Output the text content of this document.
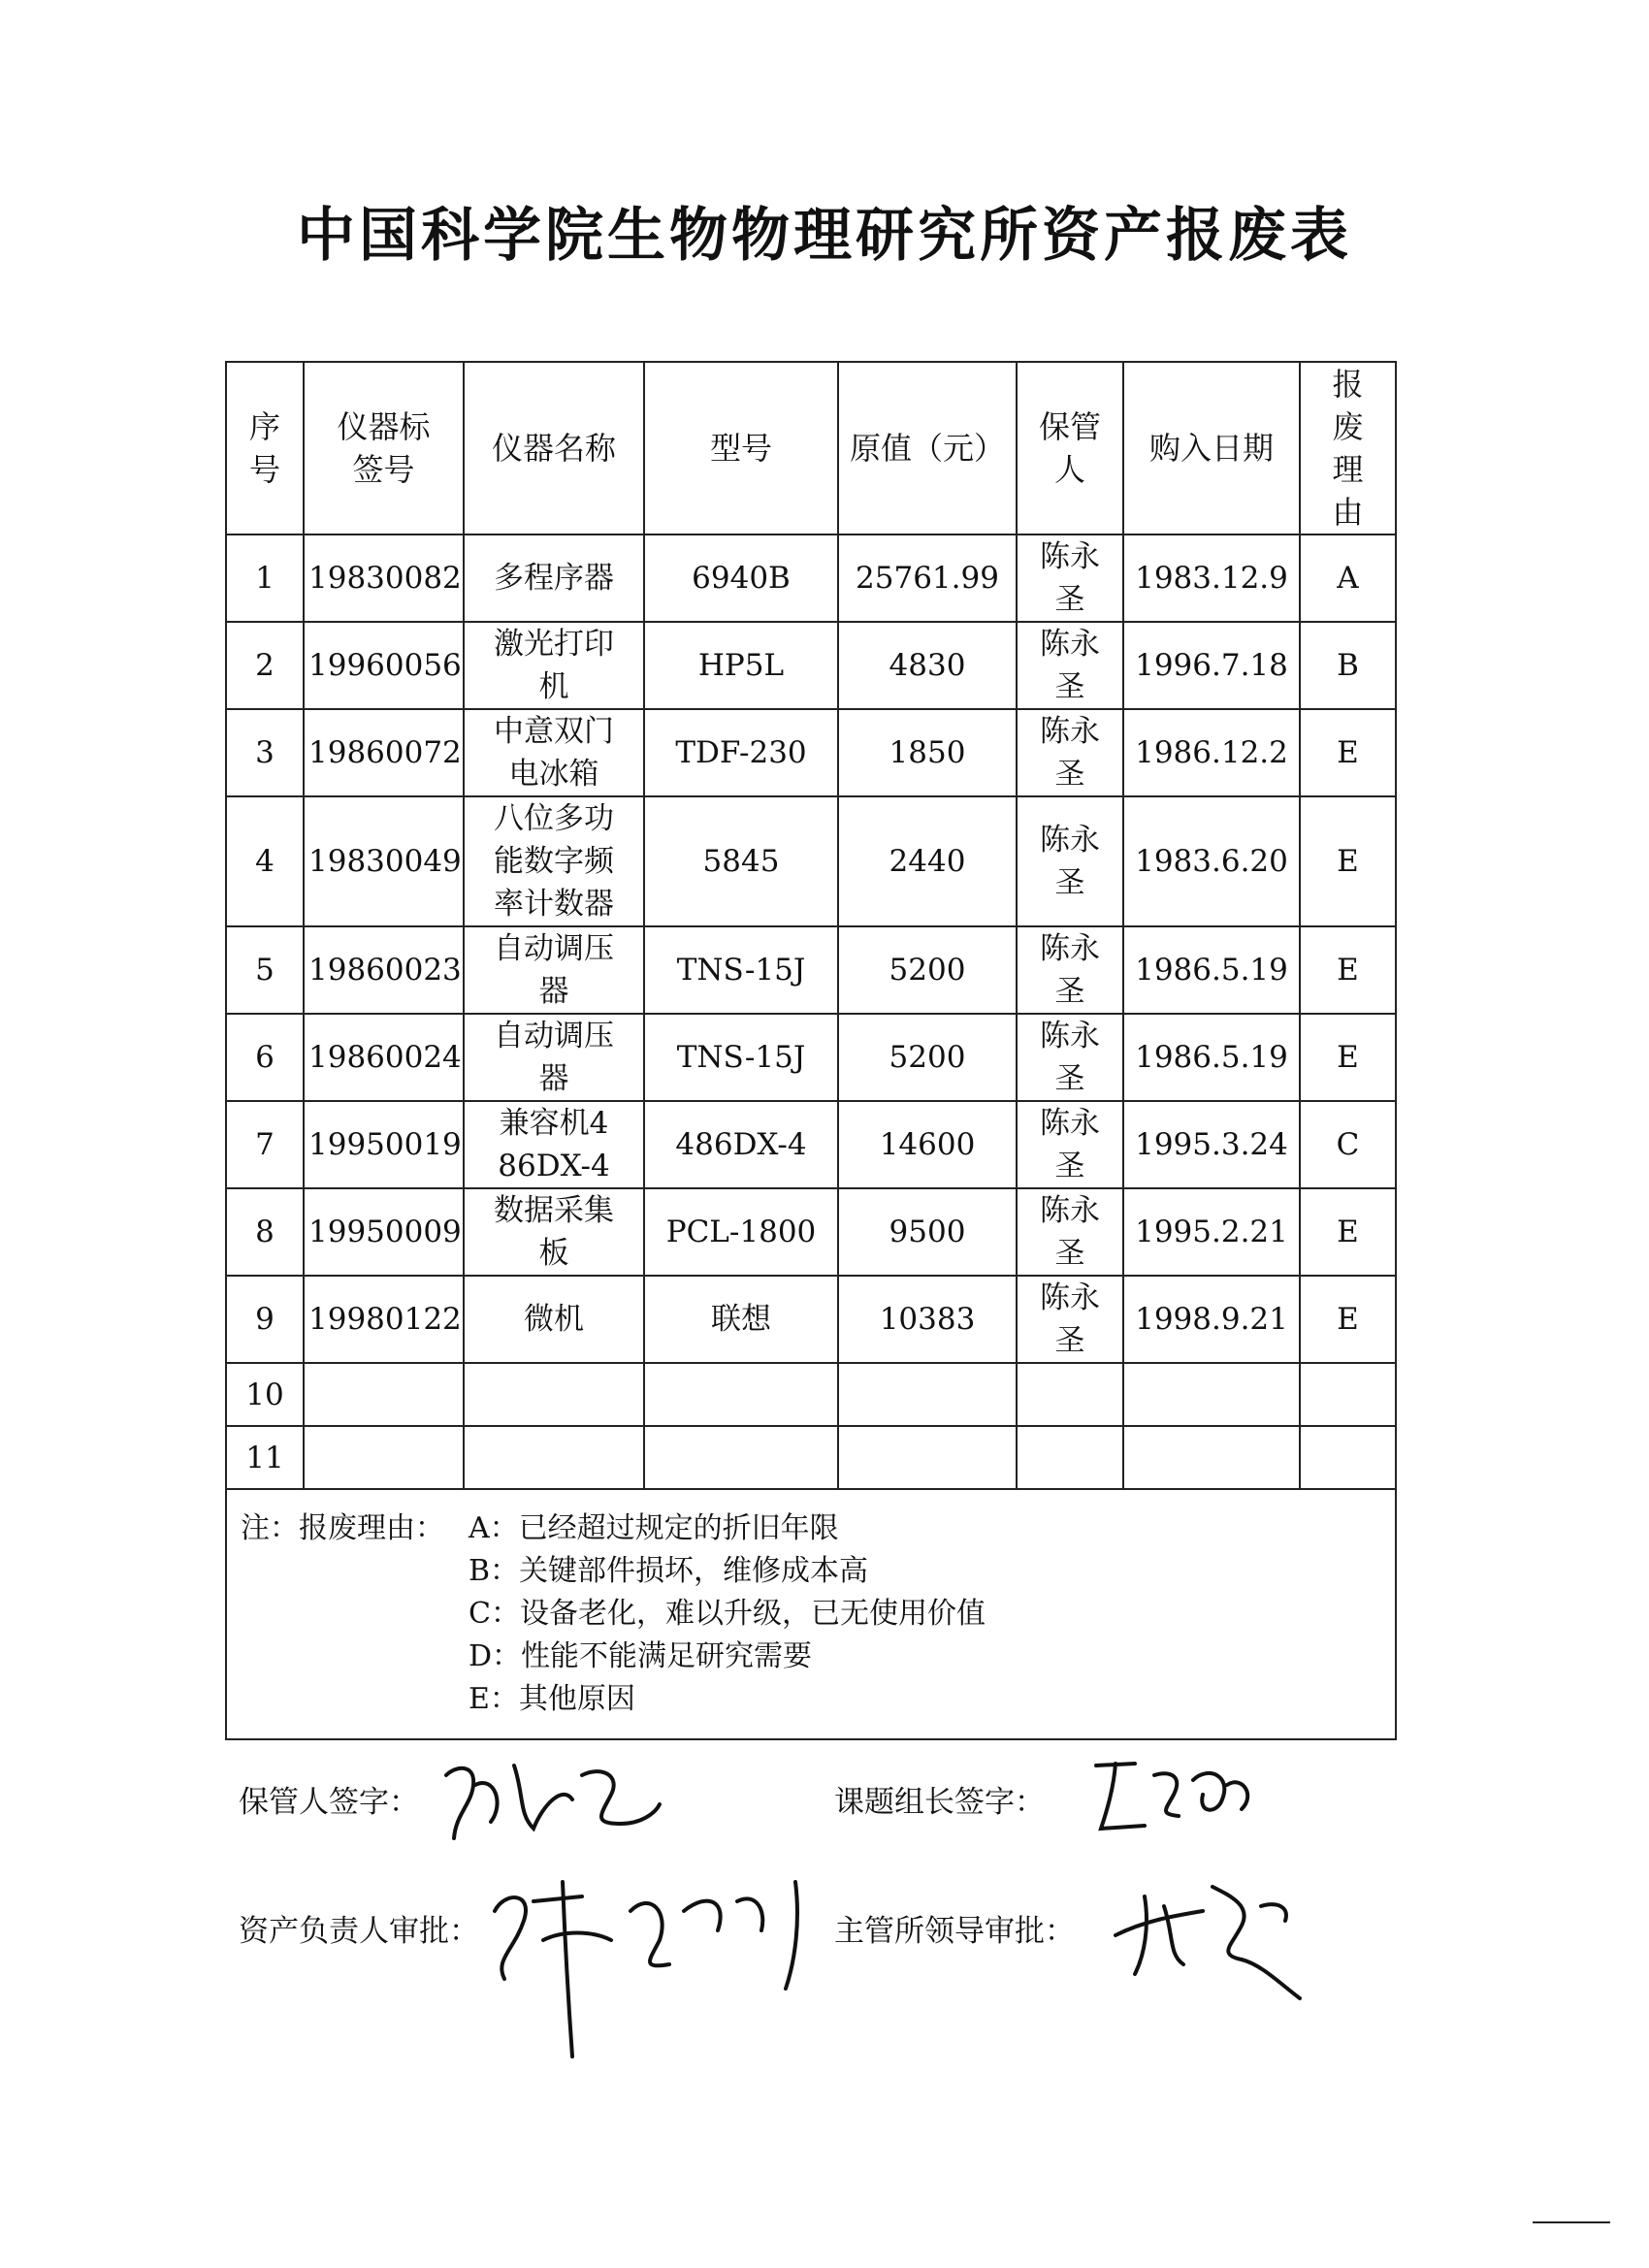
中国科学院生物物理研究所资产报废表
序号	仪器标签号	仪器名称	型号	原值（元）	保管人	购入日期	报废理由
1	19830082	多程序器	6940B	25761.99	陈永圣	1983.12.9	A
2	19960056	激光打印机	HP5L	4830	陈永圣	1996.7.18	B
3	19860072	中意双门电冰箱	TDF-230	1850	陈永圣	1986.12.2	E
4	19830049	八位多功能数字频率计数器	5845	2440	陈永圣	1983.6.20	E
5	19860023	自动调压器	TNS-15J	5200	陈永圣	1986.5.19	E
6	19860024	自动调压器	TNS-15J	5200	陈永圣	1986.5.19	E
7	19950019	兼容机486DX-4	486DX-4	14600	陈永圣	1995.3.24	C
8	19950009	数据采集板	PCL-1800	9500	陈永圣	1995.2.21	E
9	19980122	微机	联想	10383	陈永圣	1998.9.21	E
10							
11							

注：报废理由： A：已经超过规定的折旧年限
B：关键部件损坏，维修成本高
C：设备老化，难以升级，已无使用价值
D：性能不能满足研究需要
E：其他原因							
保管人签字：	课题组长签字：
资产负责人审批：	主管所领导审批：
